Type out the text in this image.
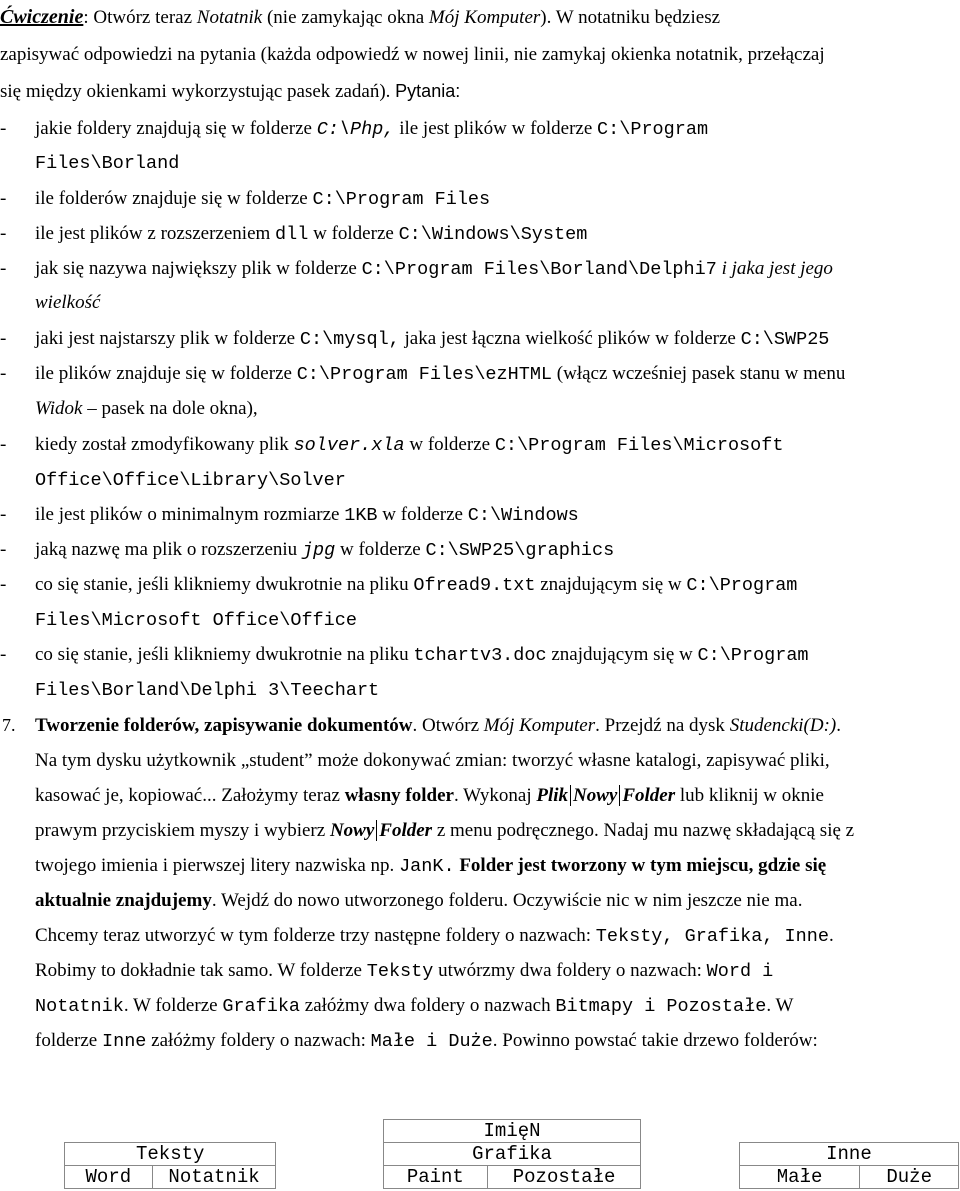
Ćwiczenie: Otwórz teraz Notatnik (nie zamykając okna Mój Komputer). W notatniku będziesz
zapisywać odpowiedzi na pytania (każda odpowiedź w nowej linii, nie zamykaj okienka notatnik, przełączaj
się między okienkami wykorzystując pasek zadań). Pytania:
-	jakie foldery znajdują się w folderze C:\Php, ile jest plików w folderze C:\Program
Files\Borland
-	ile folderów znajduje się w folderze C:\Program Files
-	ile jest plików z rozszerzeniem dll w folderze C:\Windows\System
-	jak się nazywa największy plik w folderze C:\Program Files\Borland\Delphi7 i jaka jest jego
wielkość
-	jaki jest najstarszy plik w folderze C:\mysql, jaka jest łączna wielkość plików w folderze C:\SWP25
-	ile plików znajduje się w folderze C:\Program Files\ezHTML (włącz wcześniej pasek stanu w menu
Widok – pasek na dole okna),
-	kiedy został zmodyfikowany plik solver.xla w folderze C:\Program Files\Microsoft
Office\Office\Library\Solver
-	ile jest plików o minimalnym rozmiarze 1KB w folderze C:\Windows
-	jaką nazwę ma plik o rozszerzeniu jpg w folderze C:\SWP25\graphics
-	co się stanie, jeśli klikniemy dwukrotnie na pliku Ofread9.txt znajdującym się w C:\Program
Files\Microsoft Office\Office
-	co się stanie, jeśli klikniemy dwukrotnie na pliku tchartv3.doc znajdującym się w C:\Program
Files\Borland\Delphi 3\Teechart
7. Tworzenie folderów, zapisywanie dokumentów. Otwórz Mój Komputer. Przejdź na dysk Studencki(D:).
Na tym dysku użytkownik „student” może dokonywać zmian: tworzyć własne katalogi, zapisywać pliki,
kasować je, kopiować... Założymy teraz własny folder. Wykonaj Plik Nowy Folder lub kliknij w oknie
prawym przyciskiem myszy i wybierz Nowy Folder z menu podręcznego. Nadaj mu nazwę składającą się z
twojego imienia i pierwszej litery nazwiska np. JanK. Folder jest tworzony w tym miejscu, gdzie się
aktualnie znajdujemy. Wejdź do nowo utworzonego folderu. Oczywiście nic w nim jeszcze nie ma.
Chcemy teraz utworzyć w tym folderze trzy następne foldery o nazwach: Teksty, Grafika, Inne.
Robimy to dokładnie tak samo. W folderze Teksty utwórzmy dwa foldery o nazwach: Word i
Notatnik. W folderze Grafika załóżmy dwa foldery o nazwach Bitmapy i Pozostałe. W
folderze Inne załóżmy foldery o nazwach: Małe i Duże. Powinno powstać takie drzewo folderów:
			ImięN				
Teksty			Grafika			Inne	
Word	Notatnik		Paint	Pozostałe		Małe	Duże
